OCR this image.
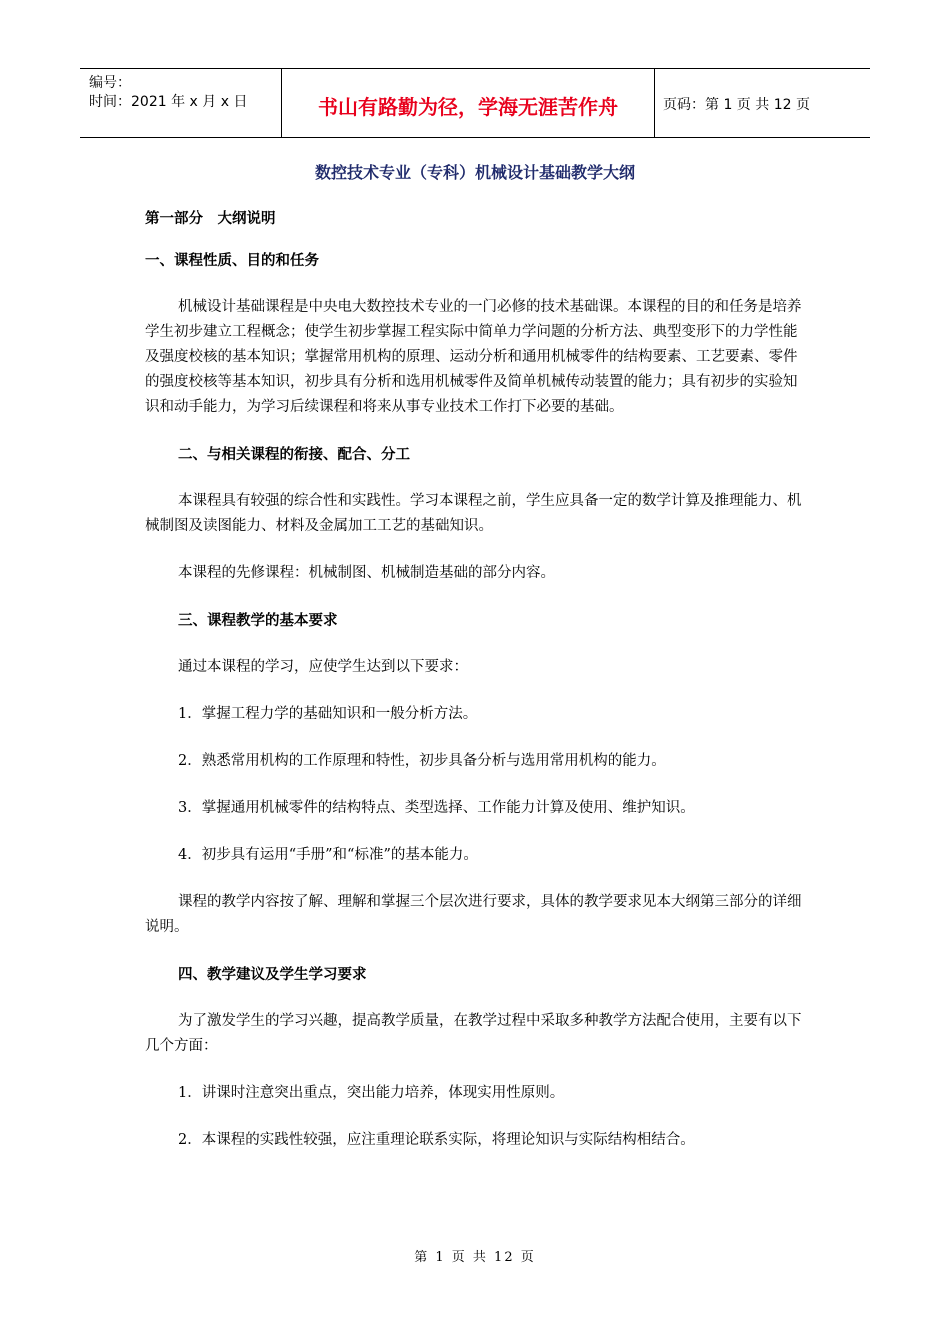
编号：
时间：2021 年 x 月 x 日	书山有路勤为径，学海无涯苦作舟	页码：第 1 页 共 12 页
数控技术专业（专科）机械设计基础教学大纲

第一部分　大纲说明

一、课程性质、目的和任务

机械设计基础课程是中央电大数控技术专业的一门必修的技术基础课。本课程的目的和任务是培养学生初步建立工程概念；使学生初步掌握工程实际中简单力学问题的分析方法、典型变形下的力学性能及强度校核的基本知识；掌握常用机构的原理、运动分析和通用机械零件的结构要素、工艺要素、零件的强度校核等基本知识，初步具有分析和选用机械零件及简单机械传动装置的能力；具有初步的实验知识和动手能力，为学习后续课程和将来从事专业技术工作打下必要的基础。

二、与相关课程的衔接、配合、分工

本课程具有较强的综合性和实践性。学习本课程之前，学生应具备一定的数学计算及推理能力、机械制图及读图能力、材料及金属加工工艺的基础知识。

本课程的先修课程：机械制图、机械制造基础的部分内容。

三、课程教学的基本要求

通过本课程的学习，应使学生达到以下要求：

1．掌握工程力学的基础知识和一般分析方法。

2．熟悉常用机构的工作原理和特性，初步具备分析与选用常用机构的能力。

3．掌握通用机械零件的结构特点、类型选择、工作能力计算及使用、维护知识。

4．初步具有运用“手册”和“标准”的基本能力。

课程的教学内容按了解、理解和掌握三个层次进行要求，具体的教学要求见本大纲第三部分的详细说明。

四、教学建议及学生学习要求

为了激发学生的学习兴趣，提高教学质量，在教学过程中采取多种教学方法配合使用，主要有以下几个方面：

1．讲课时注意突出重点，突出能力培养，体现实用性原则。

2．本课程的实践性较强，应注重理论联系实际，将理论知识与实际结构相结合。

第 1 页 共 12 页
